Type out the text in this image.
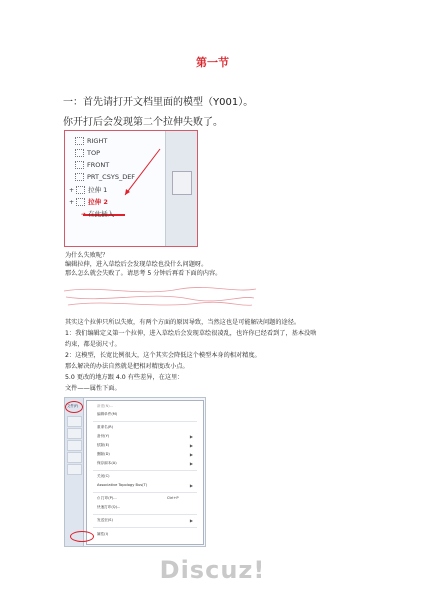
第一节
一：首先请打开文档里面的模型（Y001）。
你开打后会发现第二个拉伸失败了。
RIGHT
TOP
FRONT
PRT_CSYS_DEF
+ 拉伸 1
+ 拉伸 2
➜ 在此插入
为什么失败呢？
编辑拉伸，进入草绘后会发现草绘也没什么问题呀。
那么怎么就会失败了。请思考 5 分钟后再看下面的内容。
其实这个拉伸只所以失败，有两个方面的原因导致，当然这也是可能解决问题的途径。
1：我们编辑定义第一个拉伸，进入草绘后会发现草绘很凌乱，也许你已经看到了，基本没啥
约束，都是弱尺寸。
2：这模型，长宽比例很大，这个其实会降低这个模型本身的相对精度。
那么解决的办法自然就是把相对精度改小点。
5.0 更改的地方跟 4.0 有些差异，在这里：
文件——属性下面。
文件(F)	新建(N)...
编辑单件(M)
重命名(R)
备份(Y)	▶
拭除(E)	▶
删除(D)	▶
保存副本(A)	▶
关闭(C)
Associative Topology Bus(T)	▶
⎙ 打印(P)...	Ctrl+P
快速打印(Q)...
发送至(S)	▶
属性(I)
Discuz!
